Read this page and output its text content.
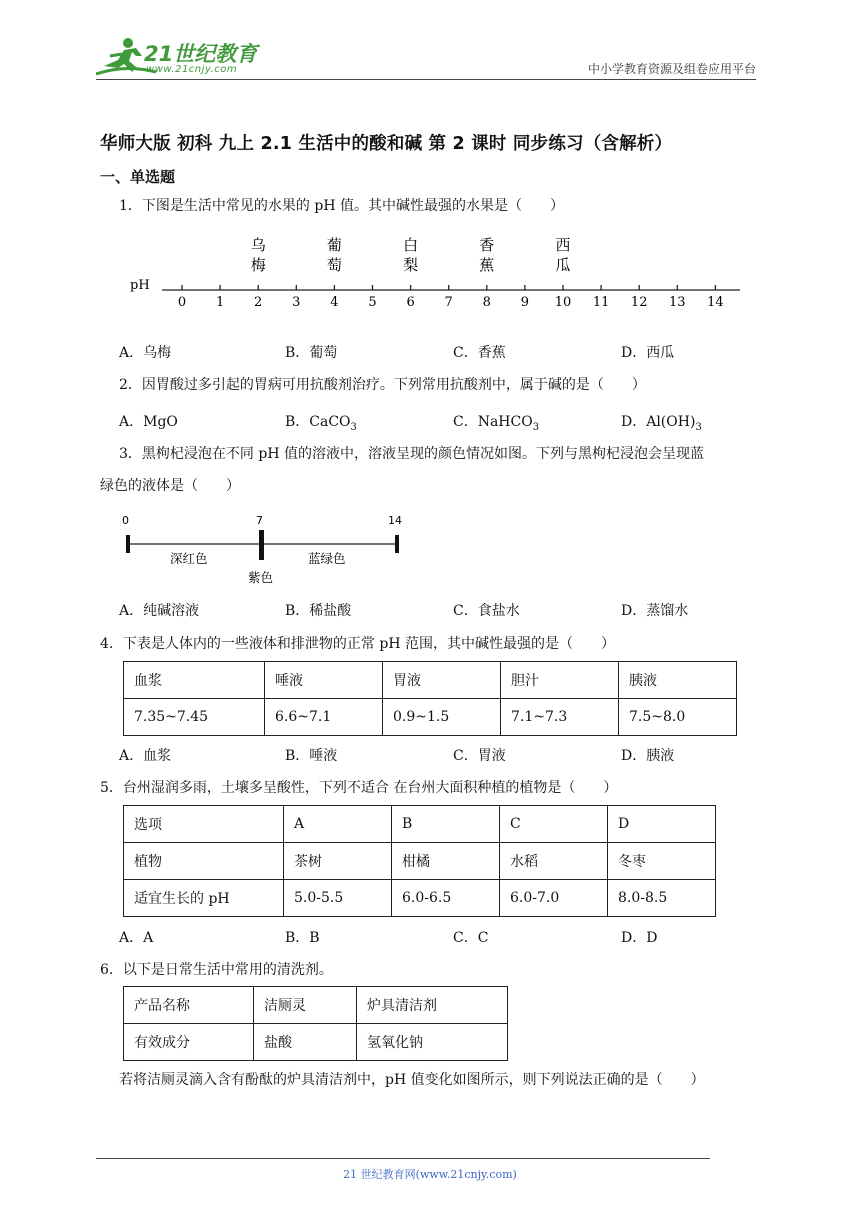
21世纪教育
www.21cnjy.com	中小学教育资源及组卷应用平台
华师大版 初科 九上 2.1 生活中的酸和碱 第 2 课时 同步练习（含解析）
一、单选题
1．下图是生活中常见的水果的 pH 值。其中碱性最强的水果是（　　）
pH
0 1 2 3 4 5 6 7 8 9 10 11 12 13 14
乌
梅
葡
萄
白
梨
香
蕉
西
瓜
A．乌梅	B．葡萄	C．香蕉	D．西瓜
2．因胃酸过多引起的胃病可用抗酸剂治疗。下列常用抗酸剂中，属于碱的是（　　）
A．MgO	B．CaCO$_3$	C．NaHCO$_3$	D．$Al(OH)_3$
3．黑枸杞浸泡在不同 pH 值的溶液中，溶液呈现的颜色情况如图。下列与黑枸杞浸泡会呈现蓝
绿色的液体是（　　）
0	7	14
深红色	蓝绿色
紫色
A．纯碱溶液	B．稀盐酸	C．食盐水	D．蒸馏水
4．下表是人体内的一些液体和排泄物的正常 pH 范围，其中碱性最强的是（　　）
血浆	唾液	胃液	胆汁	胰液
7.35~7.45	6.6~7.1	0.9~1.5	7.1~7.3	7.5~8.0
A．血浆	B．唾液	C．胃液	D．胰液
5．台州湿润多雨，土壤多呈酸性，下列不适合 在台州大面积种植的植物是（　　）
选项	A	B	C	D
植物	茶树	柑橘	水稻	冬枣
适宜生长的 pH	5.0-5.5	6.0-6.5	6.0-7.0	8.0-8.5
A．A	B．B	C．C	D．D
6．以下是日常生活中常用的清洗剂。
产品名称	洁厕灵	炉具清洁剂
有效成分	盐酸	氢氧化钠
若将洁厕灵滴入含有酚酞的炉具清洁剂中，pH 值变化如图所示，则下列说法正确的是（　　）
21 世纪教育网(www.21cnjy.com)
